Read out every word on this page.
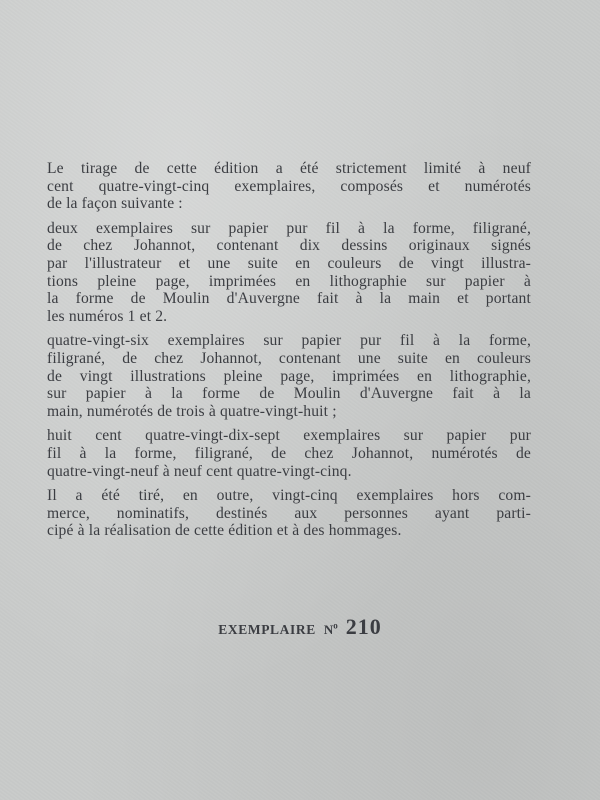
Le tirage de cette édition a été strictement limité à neuf
cent quatre-vingt-cinq exemplaires, composés et numérotés
de la façon suivante :

deux exemplaires sur papier pur fil à la forme, filigrané,
de chez Johannot, contenant dix dessins originaux signés
par l'illustrateur et une suite en couleurs de vingt illustra-
tions pleine page, imprimées en lithographie sur papier à
la forme de Moulin d'Auvergne fait à la main et portant
les numéros 1 et 2.

quatre-vingt-six exemplaires sur papier pur fil à la forme,
filigrané, de chez Johannot, contenant une suite en couleurs
de vingt illustrations pleine page, imprimées en lithographie,
sur papier à la forme de Moulin d'Auvergne fait à la
main, numérotés de trois à quatre-vingt-huit ;

huit cent quatre-vingt-dix-sept exemplaires sur papier pur
fil à la forme, filigrané, de chez Johannot, numérotés de
quatre-vingt-neuf à neuf cent quatre-vingt-cinq.

Il a été tiré, en outre, vingt-cinq exemplaires hors com-
merce, nominatifs, destinés aux personnes ayant parti-
cipé à la réalisation de cette édition et à des hommages.

EXEMPLAIRE $N^o$ 210
